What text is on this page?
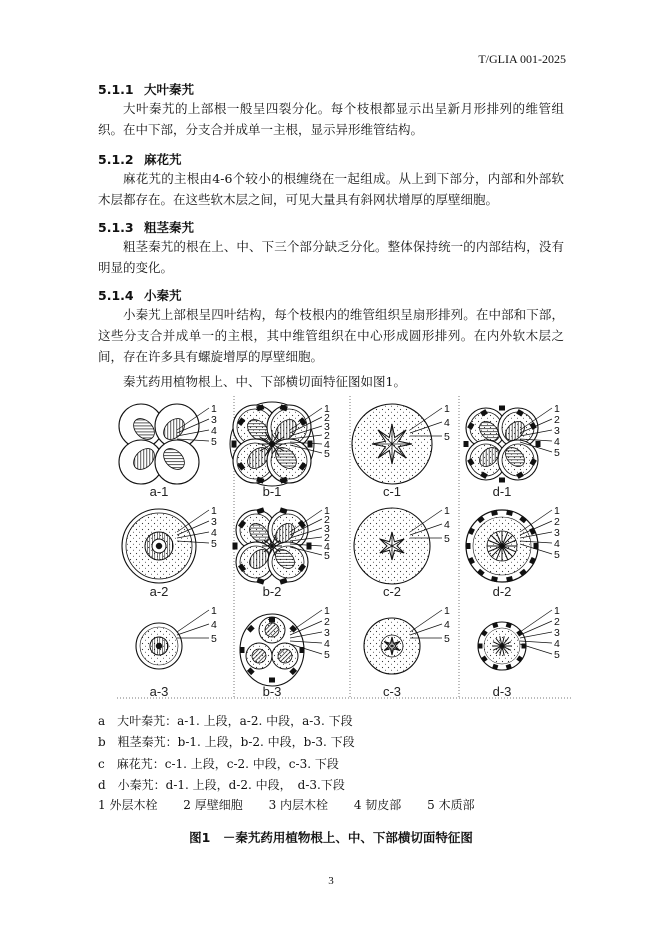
T/GLIA 001-2025
5.1.1 大叶秦艽
大叶秦艽的上部根一般呈四裂分化。每个枝根都显示出呈新月形排列的维管组织。在中下部，分支合并成单一主根，显示异形维管结构。
5.1.2 麻花艽
麻花艽的主根由4-6个较小的根缠绕在一起组成。从上到下部分，内部和外部软木层都存在。在这些软木层之间，可见大量具有斜网状增厚的厚壁细胞。
5.1.3 粗茎秦艽
粗茎秦艽的根在上、中、下三个部分缺乏分化。整体保持统一的内部结构，没有明显的变化。
5.1.4 小秦艽
小秦艽上部根呈四叶结构，每个枝根内的维管组织呈扇形排列。在中部和下部，这些分支合并成单一的主根，其中维管组织在中心形成圆形排列。在内外软木层之间，存在许多具有螺旋增厚的厚壁细胞。
秦艽药用植物根上、中、下部横切面特征图如图1。
1
3
4
5
a-1
1
2
3
2
4
5
b-1
1
4
5
c-1
1
2
3
4
5
d-1
1
3
4
5
a-2
1
2
3
2
4
5
b-2
1
4
5
c-2
1
2
3
4
5
d-2
1
4
5
a-3
1
2
3
4
5
b-3
1
4
5
c-3
1
2
3
4
5
d-3
a　大叶秦艽：a-1. 上段，a-2. 中段，a-3. 下段
b　粗茎秦艽：b-1. 上段，b-2. 中段，b-3. 下段
c　麻花艽：c-1. 上段，c-2. 中段，c-3. 下段
d　小秦艽：d-1. 上段，d-2. 中段，　d-3.下段
1 外层木栓 2 厚壁细胞 3 内层木栓 4 韧皮部 5 木质部
图1　－秦艽药用植物根上、中、下部横切面特征图
3
